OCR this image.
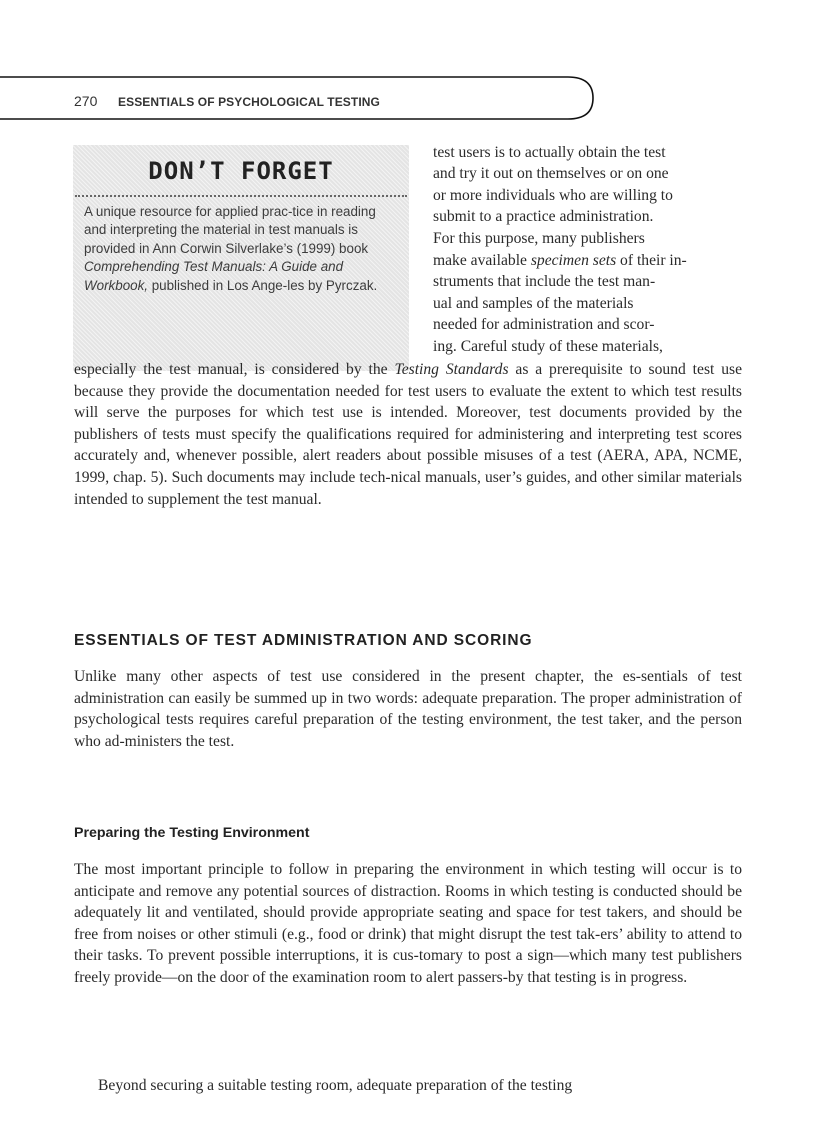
270 ESSENTIALS OF PSYCHOLOGICAL TESTING
DON’T FORGET

A unique resource for applied prac-tice in reading and interpreting the material in test manuals is provided in Ann Corwin Silverlake’s (1999) book Comprehending Test Manuals: A Guide and Workbook, published in Los Ange-les by Pyrczak.

test users is to actually obtain the test
and try it out on themselves or on one
or more individuals who are willing to
submit to a practice administration.
For this purpose, many publishers
make available specimen sets of their in-
struments that include the test man-
ual and samples of the materials
needed for administration and scor-
ing. Careful study of these materials,

especially the test manual, is considered by the Testing Standards as a prerequisite to sound test use because they provide the documentation needed for test users to evaluate the extent to which test results will serve the purposes for which test use is intended. Moreover, test documents provided by the publishers of tests must specify the qualifications required for administering and interpreting test scores accurately and, whenever possible, alert readers about possible misuses of a test (AERA, APA, NCME, 1999, chap. 5). Such documents may include tech-nical manuals, user’s guides, and other similar materials intended to supplement the test manual.

ESSENTIALS OF TEST ADMINISTRATION AND SCORING

Unlike many other aspects of test use considered in the present chapter, the es-sentials of test administration can easily be summed up in two words: adequate preparation. The proper administration of psychological tests requires careful preparation of the testing environment, the test taker, and the person who ad-ministers the test.

Preparing the Testing Environment

The most important principle to follow in preparing the environment in which testing will occur is to anticipate and remove any potential sources of distraction. Rooms in which testing is conducted should be adequately lit and ventilated, should provide appropriate seating and space for test takers, and should be free from noises or other stimuli (e.g., food or drink) that might disrupt the test tak-ers’ ability to attend to their tasks. To prevent possible interruptions, it is cus-tomary to post a sign—which many test publishers freely provide—on the door of the examination room to alert passers-by that testing is in progress.

Beyond securing a suitable testing room, adequate preparation of the testing
